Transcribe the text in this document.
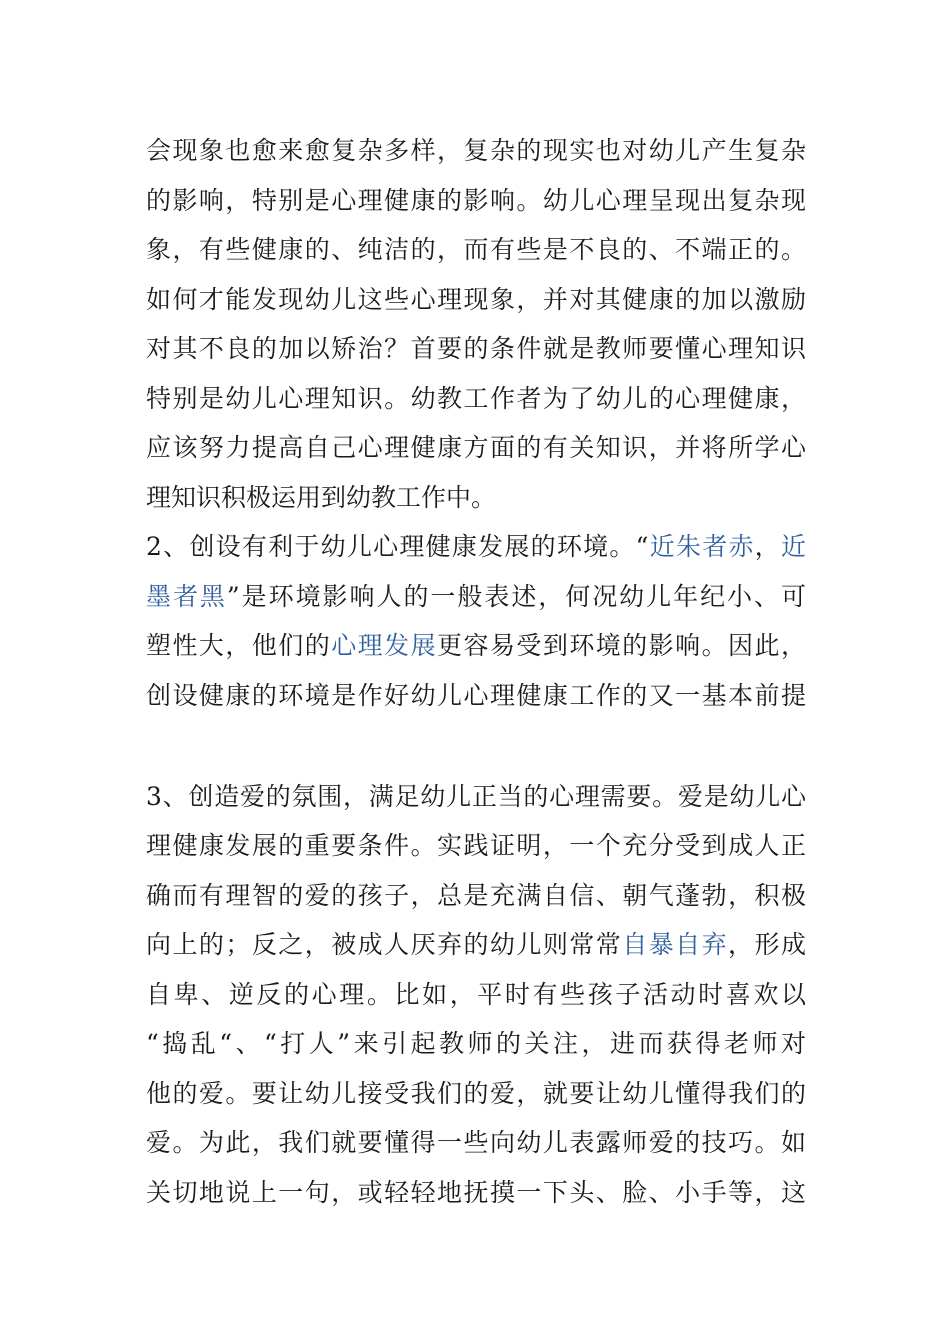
会现象也愈来愈复杂多样，复杂的现实也对幼儿产生复杂
的影响，特别是心理健康的影响。幼儿心理呈现出复杂现
象，有些健康的、纯洁的，而有些是不良的、不端正的。
如何才能发现幼儿这些心理现象，并对其健康的加以激励
对其不良的加以矫治？首要的条件就是教师要懂心理知识
特别是幼儿心理知识。幼教工作者为了幼儿的心理健康，
应该努力提高自己心理健康方面的有关知识，并将所学心
理知识积极运用到幼教工作中。
2、创设有利于幼儿心理健康发展的环境。“近朱者赤，近
墨者黑”是环境影响人的一般表述，何况幼儿年纪小、可
塑性大，他们的心理发展更容易受到环境的影响。因此，
创设健康的环境是作好幼儿心理健康工作的又一基本前提
3、创造爱的氛围，满足幼儿正当的心理需要。爱是幼儿心
理健康发展的重要条件。实践证明，一个充分受到成人正
确而有理智的爱的孩子，总是充满自信、朝气蓬勃，积极
向上的；反之，被成人厌弃的幼儿则常常自暴自弃，形成
自卑、逆反的心理。比如，平时有些孩子活动时喜欢以
“捣乱“、“打人”来引起教师的关注，进而获得老师对
他的爱。要让幼儿接受我们的爱，就要让幼儿懂得我们的
爱。为此，我们就要懂得一些向幼儿表露师爱的技巧。如
关切地说上一句，或轻轻地抚摸一下头、脸、小手等，这
